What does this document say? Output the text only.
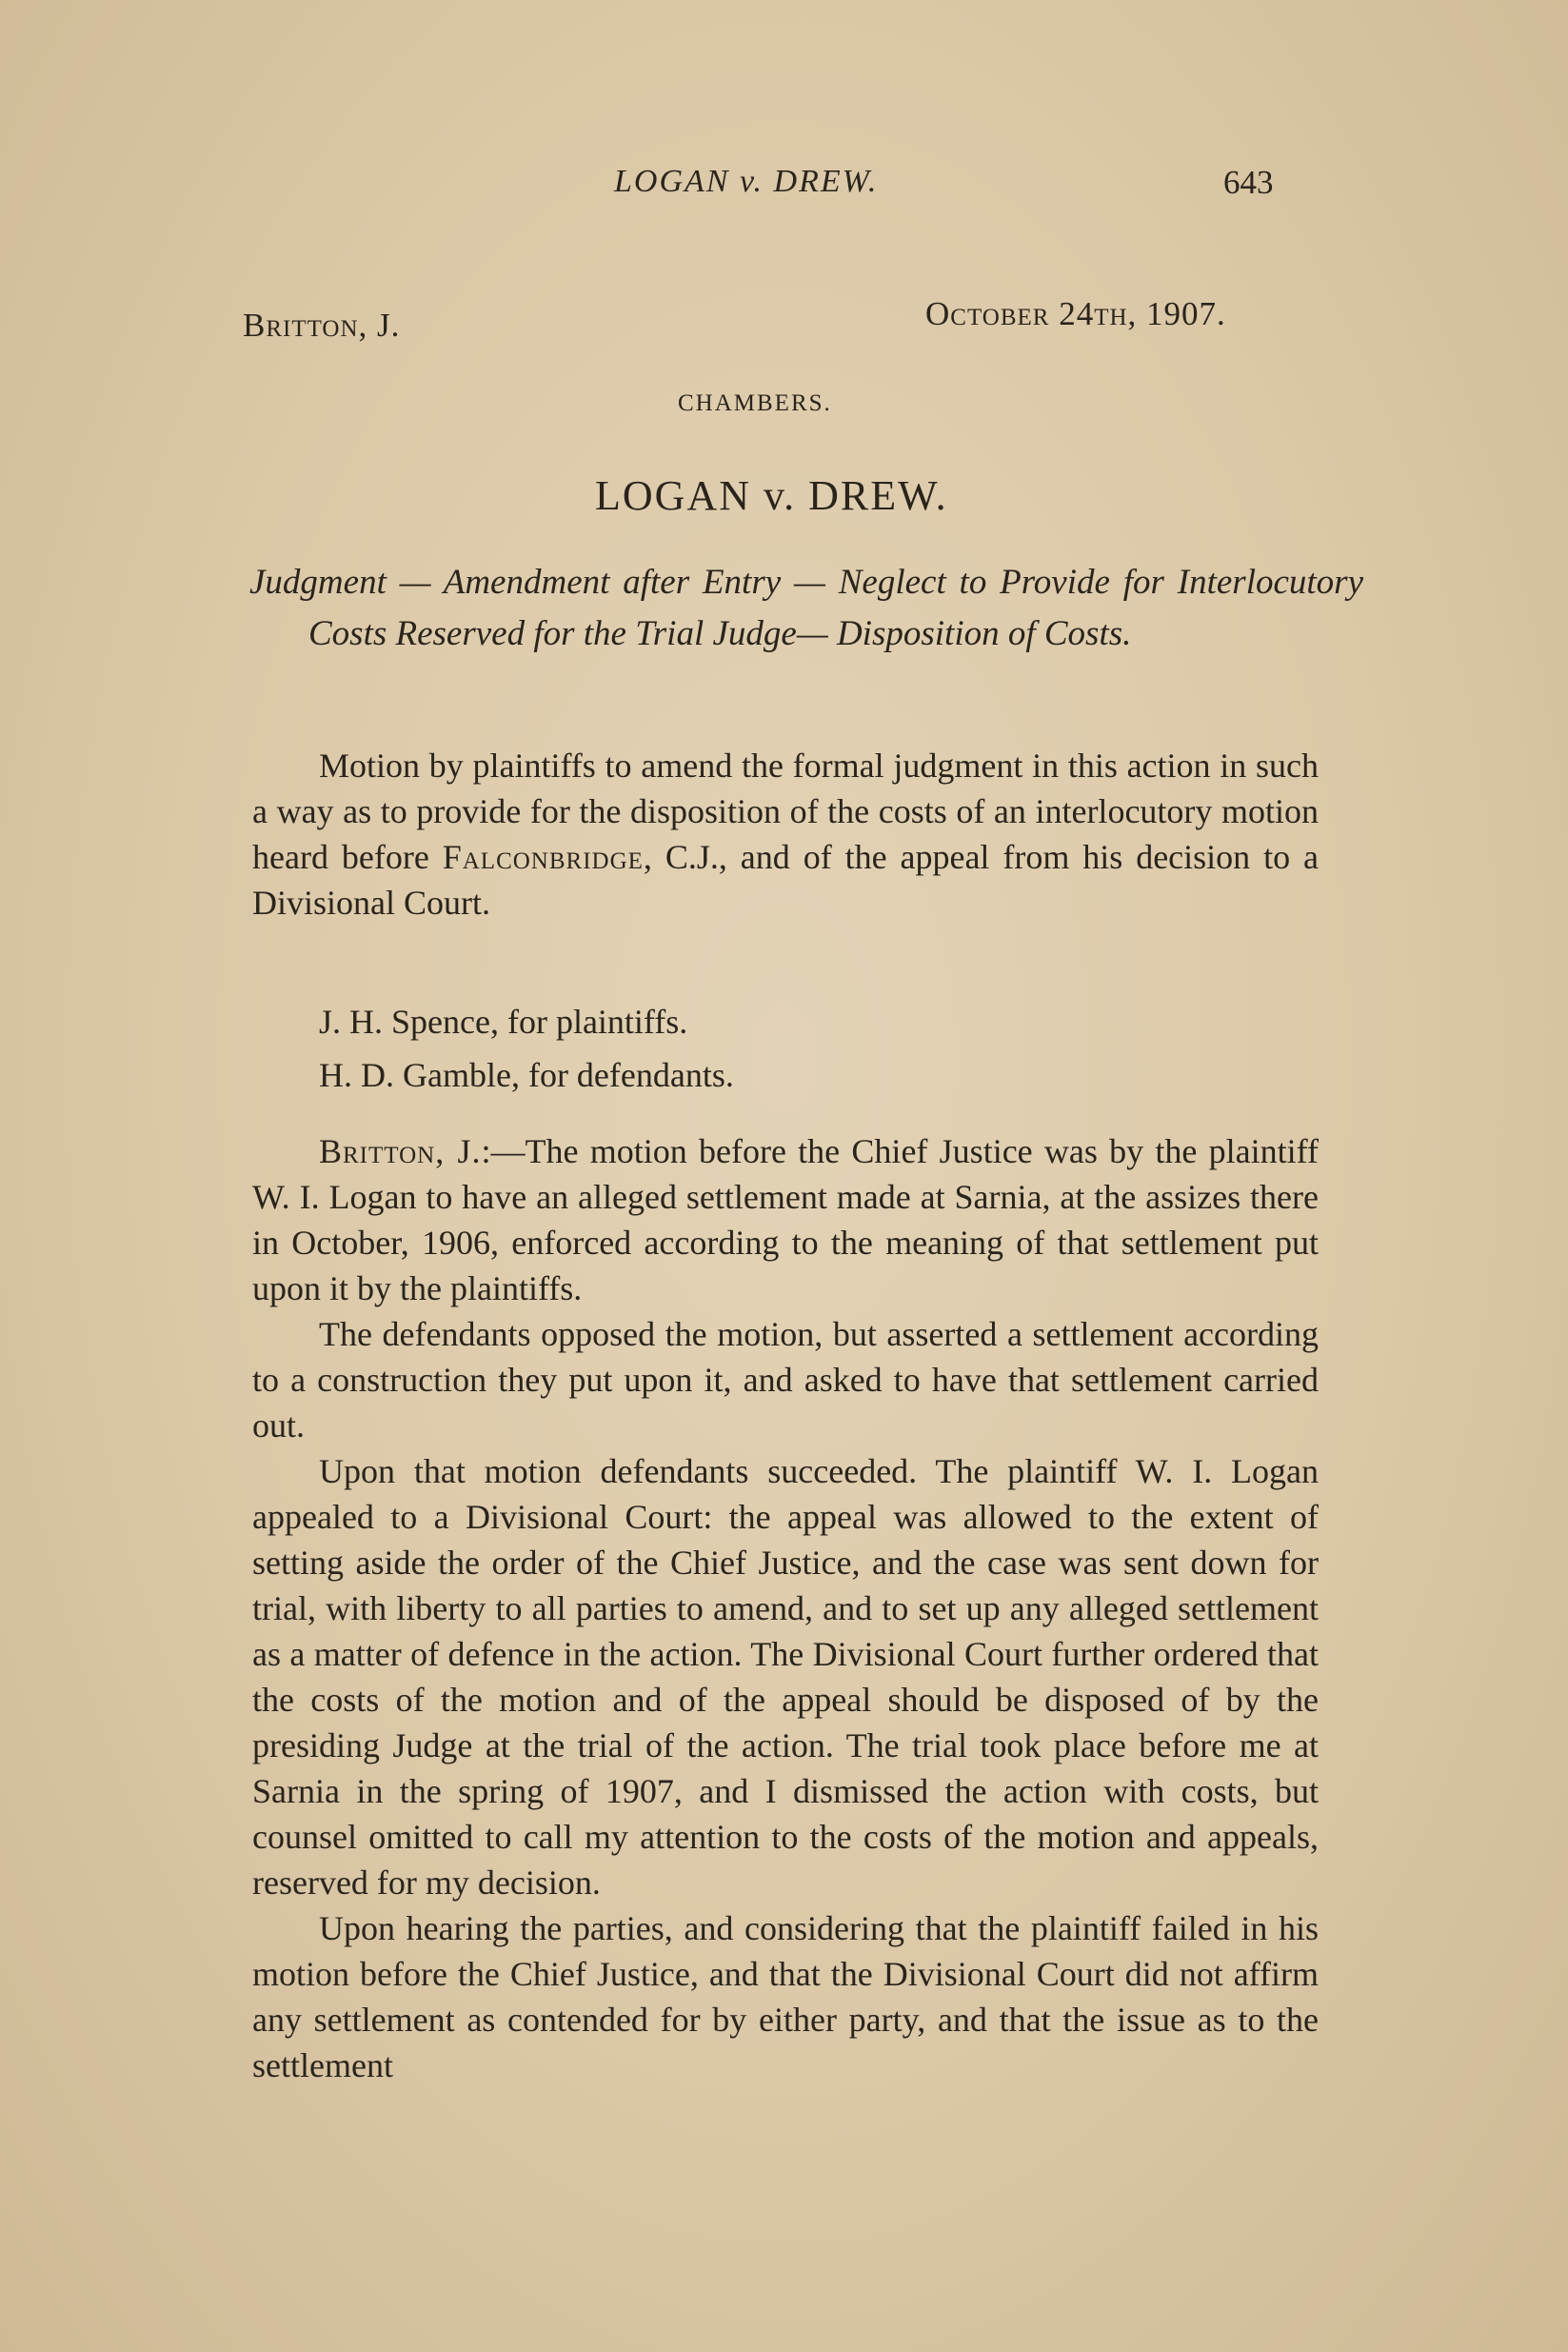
LOGAN v. DREW.	643
Britton, J.	October 24th, 1907.
CHAMBERS.
LOGAN v. DREW.
Judgment — Amendment after Entry — Neglect to Provide for Interlocutory Costs Reserved for the Trial Judge— Disposition of Costs.

Motion by plaintiffs to amend the formal judgment in this action in such a way as to provide for the disposition of the costs of an interlocutory motion heard before Falconbridge, C.J., and of the appeal from his decision to a Divisional Court.

J. H. Spence, for plaintiffs.

H. D. Gamble, for defendants.

Britton, J.:—The motion before the Chief Justice was by the plaintiff W. I. Logan to have an alleged settlement made at Sarnia, at the assizes there in October, 1906, enforced according to the meaning of that settlement put upon it by the plaintiffs.

The defendants opposed the motion, but asserted a settlement according to a construction they put upon it, and asked to have that settlement carried out.

Upon that motion defendants succeeded. The plaintiff W. I. Logan appealed to a Divisional Court: the appeal was allowed to the extent of setting aside the order of the Chief Justice, and the case was sent down for trial, with liberty to all parties to amend, and to set up any alleged settlement as a matter of defence in the action. The Divisional Court further ordered that the costs of the motion and of the appeal should be disposed of by the presiding Judge at the trial of the action. The trial took place before me at Sarnia in the spring of 1907, and I dismissed the action with costs, but counsel omitted to call my attention to the costs of the motion and appeals, reserved for my decision.

Upon hearing the parties, and considering that the plaintiff failed in his motion before the Chief Justice, and that the Divisional Court did not affirm any settlement as contended for by either party, and that the issue as to the settlement
